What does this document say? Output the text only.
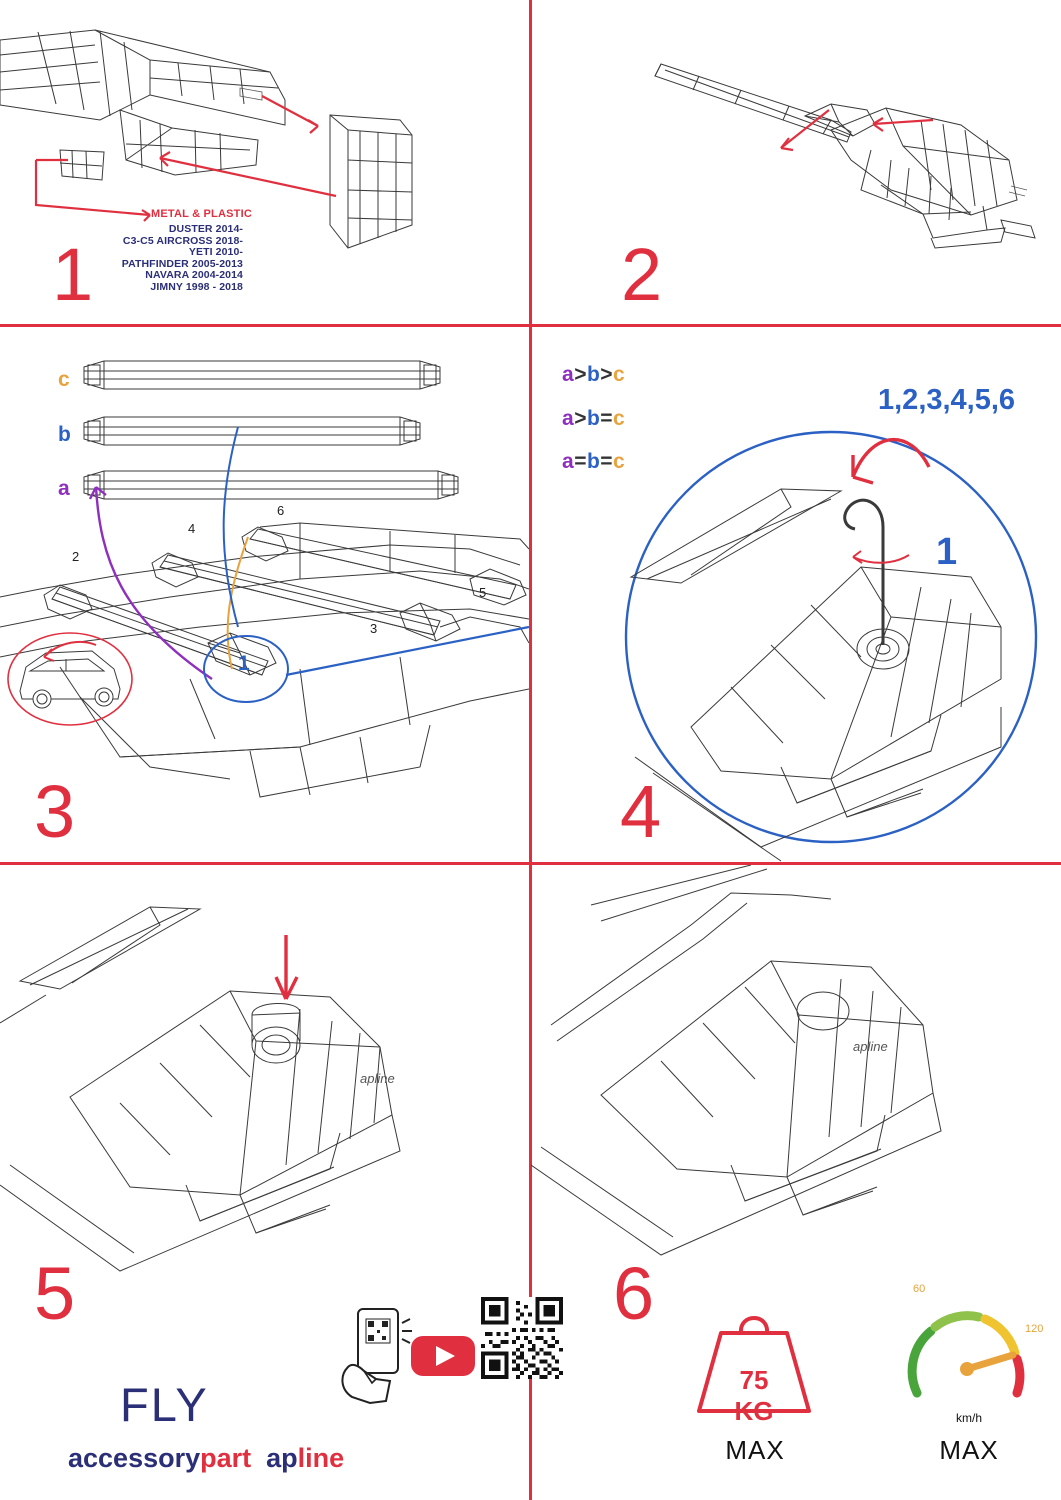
METAL & PLASTIC
DUSTER 2014-
C3-C5 AIRCROSS 2018-
YETI 2010-
PATHFINDER 2005-2013
NAVARA 2004-2014
JIMNY 1998 - 2018
1	2
c
b
a
2
4
6
3
5
1
3
a>b>c
a>b=c
a=b=c
1,2,3,4,5,6
1
4
apline
5
FLY
accessorypart apline
apline
6
75 KG
MAX
60
120
km/h
MAX
